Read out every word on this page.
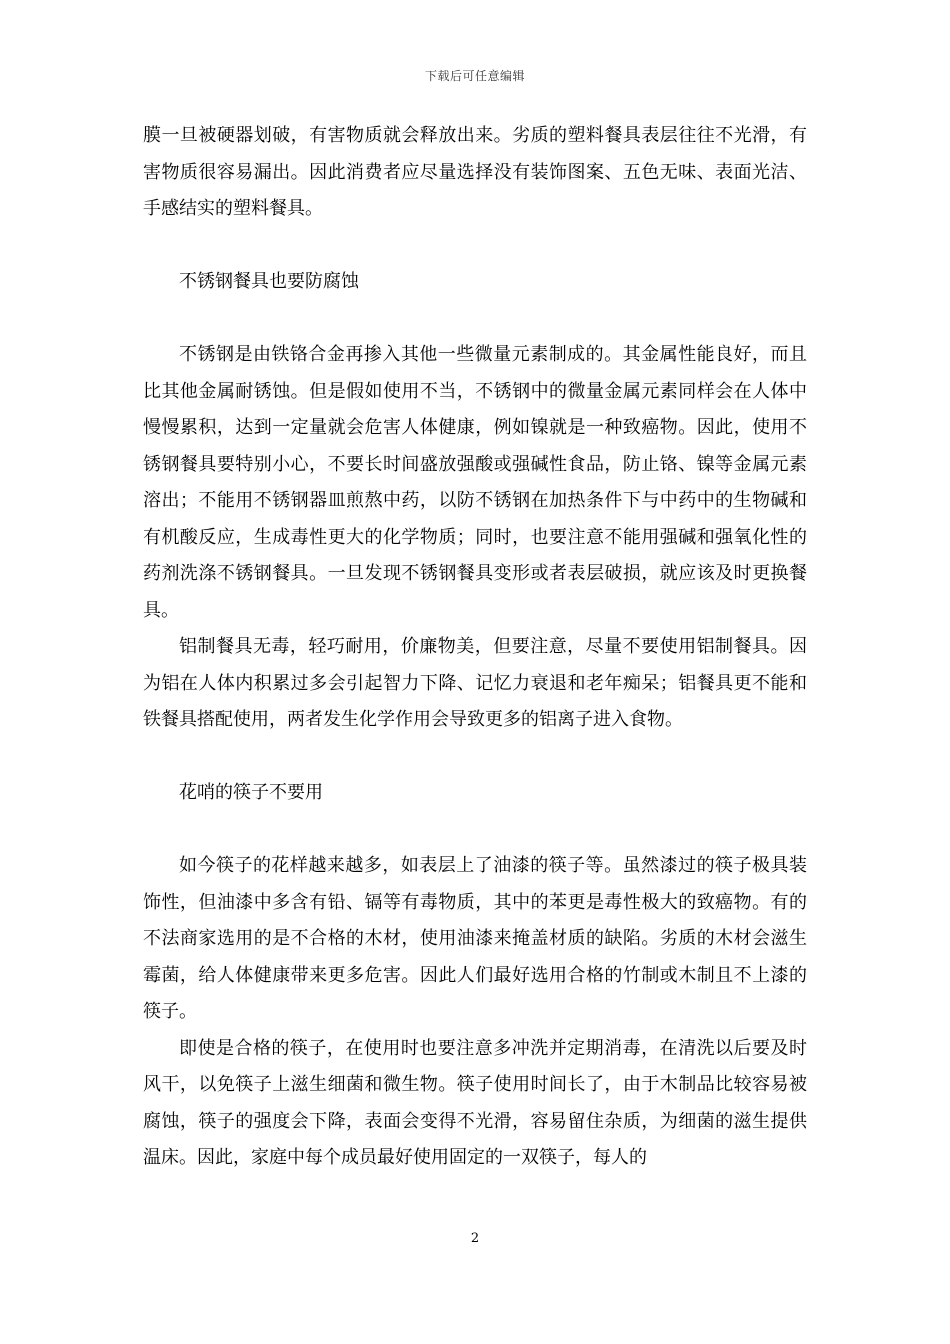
下载后可任意编辑

膜一旦被硬器划破，有害物质就会释放出来。劣质的塑料餐具表层往往不光滑，有害物质很容易漏出。因此消费者应尽量选择没有装饰图案、五色无味、表面光洁、手感结实的塑料餐具。

不锈钢餐具也要防腐蚀

不锈钢是由铁铬合金再掺入其他一些微量元素制成的。其金属性能良好，而且比其他金属耐锈蚀。但是假如使用不当，不锈钢中的微量金属元素同样会在人体中慢慢累积，达到一定量就会危害人体健康，例如镍就是一种致癌物。因此，使用不锈钢餐具要特别小心，不要长时间盛放强酸或强碱性食品，防止铬、镍等金属元素溶出；不能用不锈钢器皿煎熬中药，以防不锈钢在加热条件下与中药中的生物碱和有机酸反应，生成毒性更大的化学物质；同时，也要注意不能用强碱和强氧化性的药剂洗涤不锈钢餐具。一旦发现不锈钢餐具变形或者表层破损，就应该及时更换餐具。

铝制餐具无毒，轻巧耐用，价廉物美，但要注意，尽量不要使用铝制餐具。因为铝在人体内积累过多会引起智力下降、记忆力衰退和老年痴呆；铝餐具更不能和铁餐具搭配使用，两者发生化学作用会导致更多的铝离子进入食物。

花哨的筷子不要用

如今筷子的花样越来越多，如表层上了油漆的筷子等。虽然漆过的筷子极具装饰性，但油漆中多含有铅、镉等有毒物质，其中的苯更是毒性极大的致癌物。有的不法商家选用的是不合格的木材，使用油漆来掩盖材质的缺陷。劣质的木材会滋生霉菌，给人体健康带来更多危害。因此人们最好选用合格的竹制或木制且不上漆的筷子。

即使是合格的筷子，在使用时也要注意多冲洗并定期消毒，在清洗以后要及时风干，以免筷子上滋生细菌和微生物。筷子使用时间长了，由于木制品比较容易被腐蚀，筷子的强度会下降，表面会变得不光滑，容易留住杂质，为细菌的滋生提供温床。因此，家庭中每个成员最好使用固定的一双筷子，每人的

2
